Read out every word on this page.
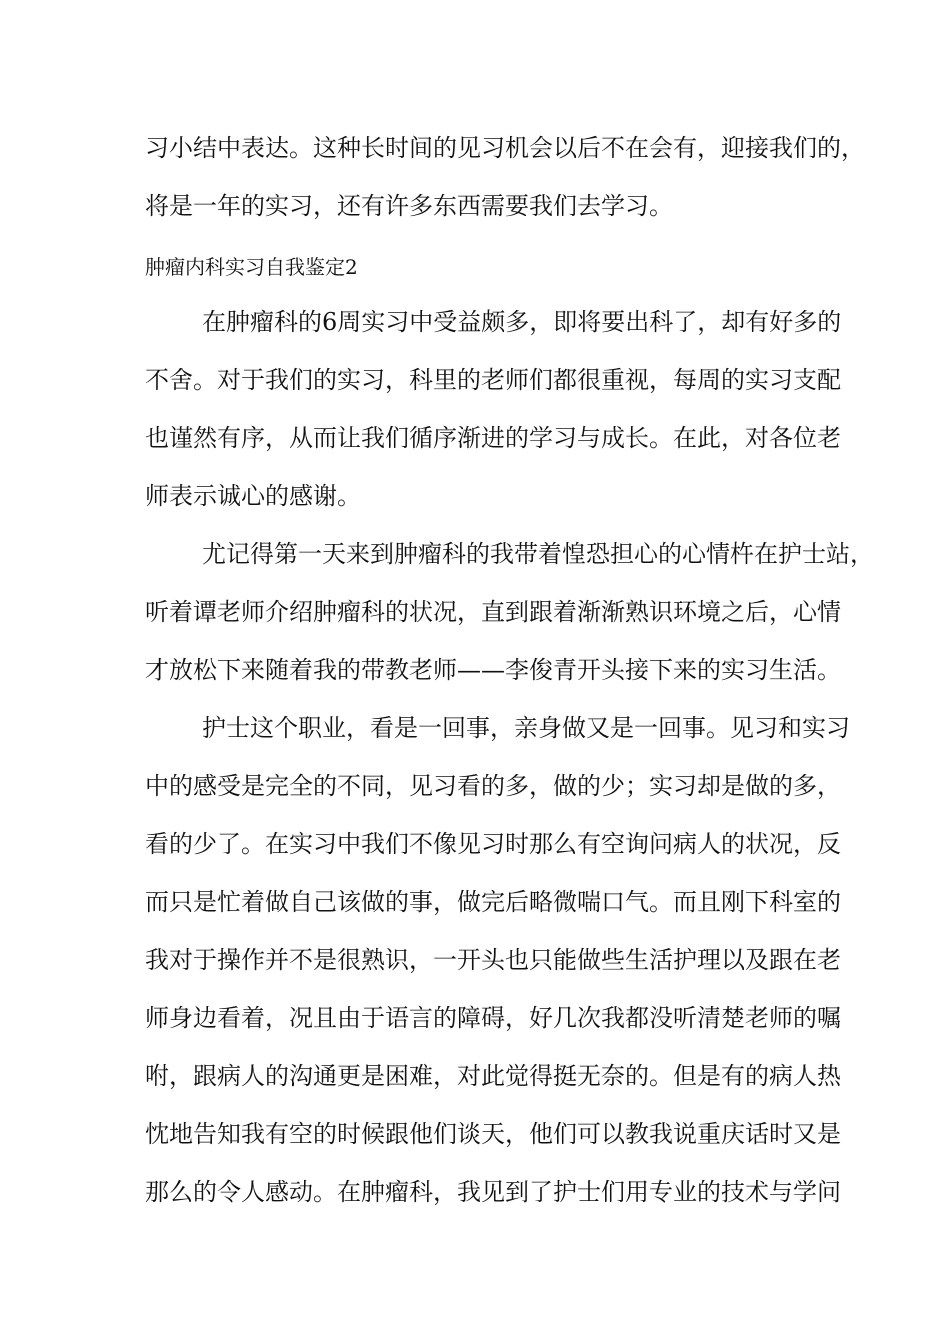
习小结中表达。这种长时间的见习机会以后不在会有，迎接我们的，
将是一年的实习，还有许多东西需要我们去学习。
肿瘤内科实习自我鉴定2
在肿瘤科的6周实习中受益颇多，即将要出科了，却有好多的
不舍。对于我们的实习，科里的老师们都很重视，每周的实习支配
也谨然有序，从而让我们循序渐进的学习与成长。在此，对各位老
师表示诚心的感谢。
尤记得第一天来到肿瘤科的我带着惶恐担心的心情杵在护士站，
听着谭老师介绍肿瘤科的状况，直到跟着渐渐熟识环境之后，心情
才放松下来随着我的带教老师——李俊青开头接下来的实习生活。
护士这个职业，看是一回事，亲身做又是一回事。见习和实习
中的感受是完全的不同，见习看的多，做的少；实习却是做的多，
看的少了。在实习中我们不像见习时那么有空询问病人的状况，反
而只是忙着做自己该做的事，做完后略微喘口气。而且刚下科室的
我对于操作并不是很熟识，一开头也只能做些生活护理以及跟在老
师身边看着，况且由于语言的障碍，好几次我都没听清楚老师的嘱
咐，跟病人的沟通更是困难，对此觉得挺无奈的。但是有的病人热
忱地告知我有空的时候跟他们谈天，他们可以教我说重庆话时又是
那么的令人感动。在肿瘤科，我见到了护士们用专业的技术与学问
